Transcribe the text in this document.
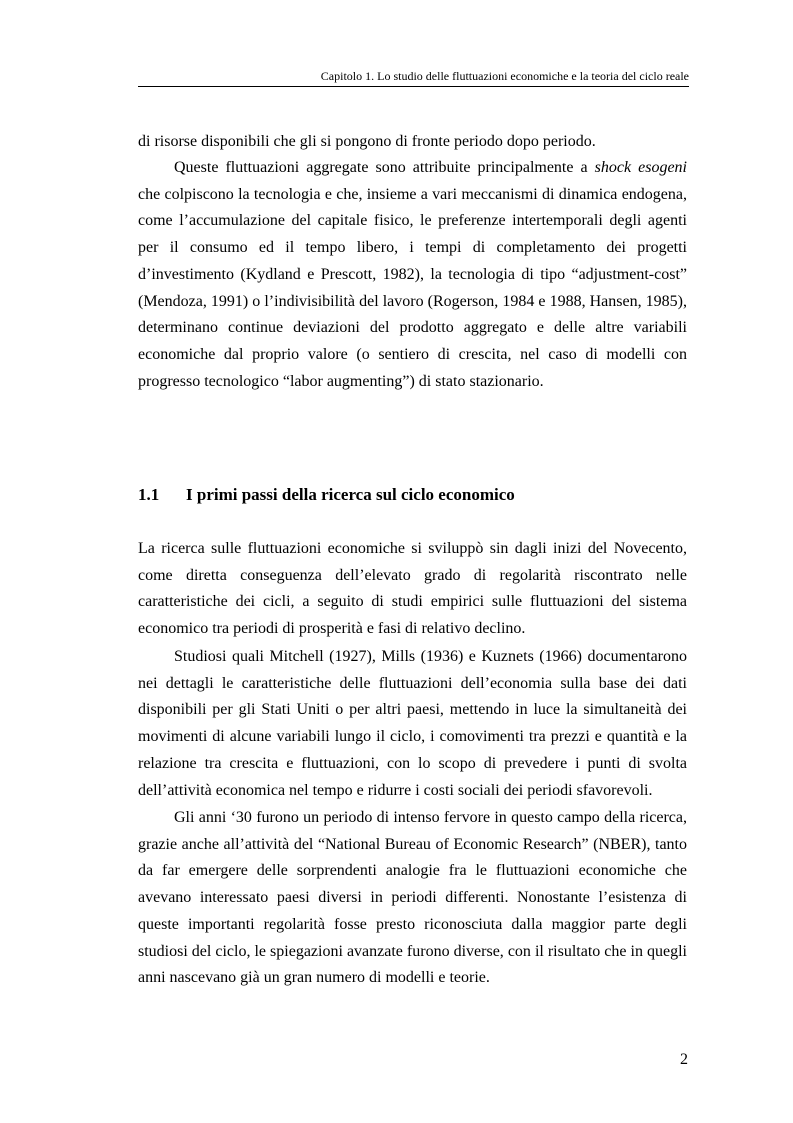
Capitolo 1. Lo studio delle fluttuazioni economiche e la teoria del ciclo reale

di risorse disponibili che gli si pongono di fronte periodo dopo periodo.

Queste fluttuazioni aggregate sono attribuite principalmente a shock esogeni che colpiscono la tecnologia e che, insieme a vari meccanismi di dinamica endogena, come l’accumulazione del capitale fisico, le preferenze intertemporali degli agenti per il consumo ed il tempo libero, i tempi di completamento dei progetti d’investimento (Kydland e Prescott, 1982), la tecnologia di tipo “adjustment-cost” (Mendoza, 1991) o l’indivisibilità del lavoro (Rogerson, 1984 e 1988, Hansen, 1985), determinano continue deviazioni del prodotto aggregato e delle altre variabili economiche dal proprio valore (o sentiero di crescita, nel caso di modelli con progresso tecnologico “labor augmenting”) di stato stazionario.

1.1 I primi passi della ricerca sul ciclo economico

La ricerca sulle fluttuazioni economiche si sviluppò sin dagli inizi del Novecento, come diretta conseguenza dell’elevato grado di regolarità riscontrato nelle caratteristiche dei cicli, a seguito di studi empirici sulle fluttuazioni del sistema economico tra periodi di prosperità e fasi di relativo declino.

Studiosi quali Mitchell (1927), Mills (1936) e Kuznets (1966) documentarono nei dettagli le caratteristiche delle fluttuazioni dell’economia sulla base dei dati disponibili per gli Stati Uniti o per altri paesi, mettendo in luce la simultaneità dei movimenti di alcune variabili lungo il ciclo, i comovimenti tra prezzi e quantità e la relazione tra crescita e fluttuazioni, con lo scopo di prevedere i punti di svolta dell’attività economica nel tempo e ridurre i costi sociali dei periodi sfavorevoli.

Gli anni ‘30 furono un periodo di intenso fervore in questo campo della ricerca, grazie anche all’attività del “National Bureau of Economic Research” (NBER), tanto da far emergere delle sorprendenti analogie fra le fluttuazioni economiche che avevano interessato paesi diversi in periodi differenti. Nonostante l’esistenza di queste importanti regolarità fosse presto riconosciuta dalla maggior parte degli studiosi del ciclo, le spiegazioni avanzate furono diverse, con il risultato che in quegli anni nascevano già un gran numero di modelli e teorie.

2
